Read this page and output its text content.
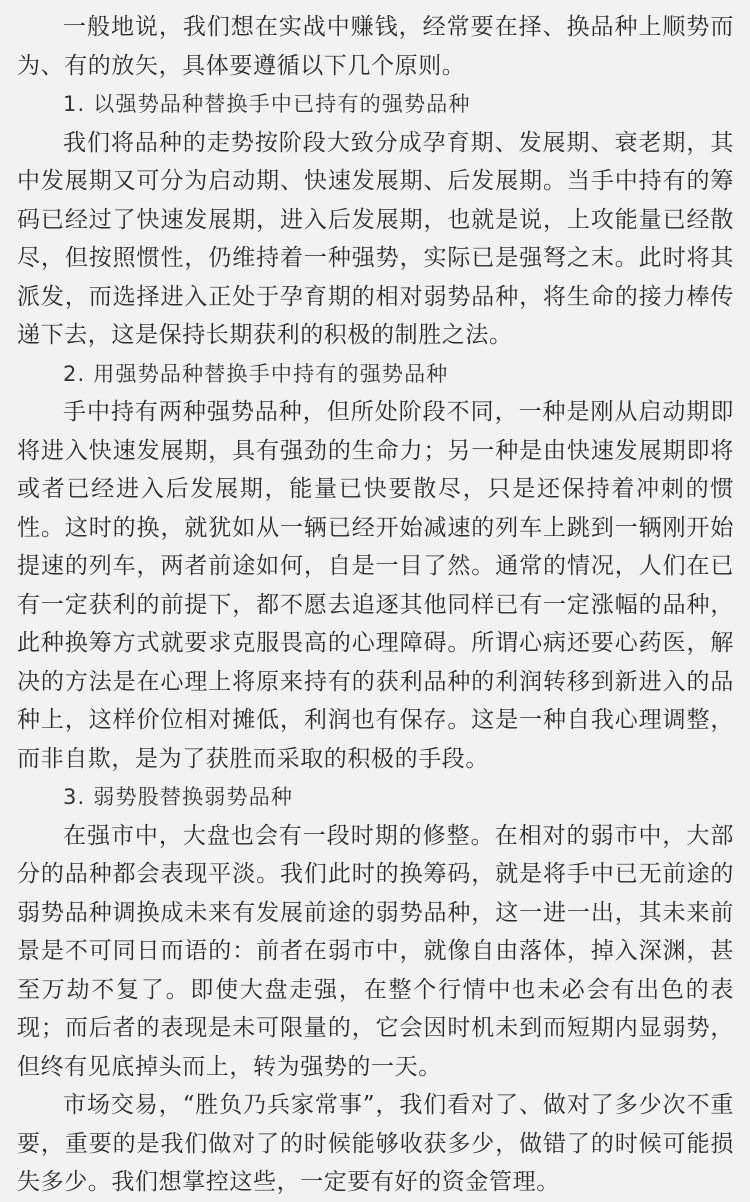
一般地说，我们想在实战中赚钱，经常要在择、换品种上顺势而为、有的放矢，具体要遵循以下几个原则。

1. 以强势品种替换手中已持有的强势品种

我们将品种的走势按阶段大致分成孕育期、发展期、衰老期，其中发展期又可分为启动期、快速发展期、后发展期。当手中持有的筹码已经过了快速发展期，进入后发展期，也就是说，上攻能量已经散尽，但按照惯性，仍维持着一种强势，实际已是强弩之末。此时将其派发，而选择进入正处于孕育期的相对弱势品种，将生命的接力棒传递下去，这是保持长期获利的积极的制胜之法。

2. 用强势品种替换手中持有的强势品种

手中持有两种强势品种，但所处阶段不同，一种是刚从启动期即将进入快速发展期，具有强劲的生命力；另一种是由快速发展期即将或者已经进入后发展期，能量已快要散尽，只是还保持着冲刺的惯性。这时的换，就犹如从一辆已经开始减速的列车上跳到一辆刚开始提速的列车，两者前途如何，自是一目了然。通常的情况，人们在已有一定获利的前提下，都不愿去追逐其他同样已有一定涨幅的品种，此种换筹方式就要求克服畏高的心理障碍。所谓心病还要心药医，解决的方法是在心理上将原来持有的获利品种的利润转移到新进入的品种上，这样价位相对摊低，利润也有保存。这是一种自我心理调整，而非自欺，是为了获胜而采取的积极的手段。

3. 弱势股替换弱势品种

在强市中，大盘也会有一段时期的修整。在相对的弱市中，大部分的品种都会表现平淡。我们此时的换筹码，就是将手中已无前途的弱势品种调换成未来有发展前途的弱势品种，这一进一出，其未来前景是不可同日而语的：前者在弱市中，就像自由落体，掉入深渊，甚至万劫不复了。即使大盘走强，在整个行情中也未必会有出色的表现；而后者的表现是未可限量的，它会因时机未到而短期内显弱势，但终有见底掉头而上，转为强势的一天。

市场交易，“胜负乃兵家常事”，我们看对了、做对了多少次不重要，重要的是我们做对了的时候能够收获多少，做错了的时候可能损失多少。我们想掌控这些，一定要有好的资金管理。
